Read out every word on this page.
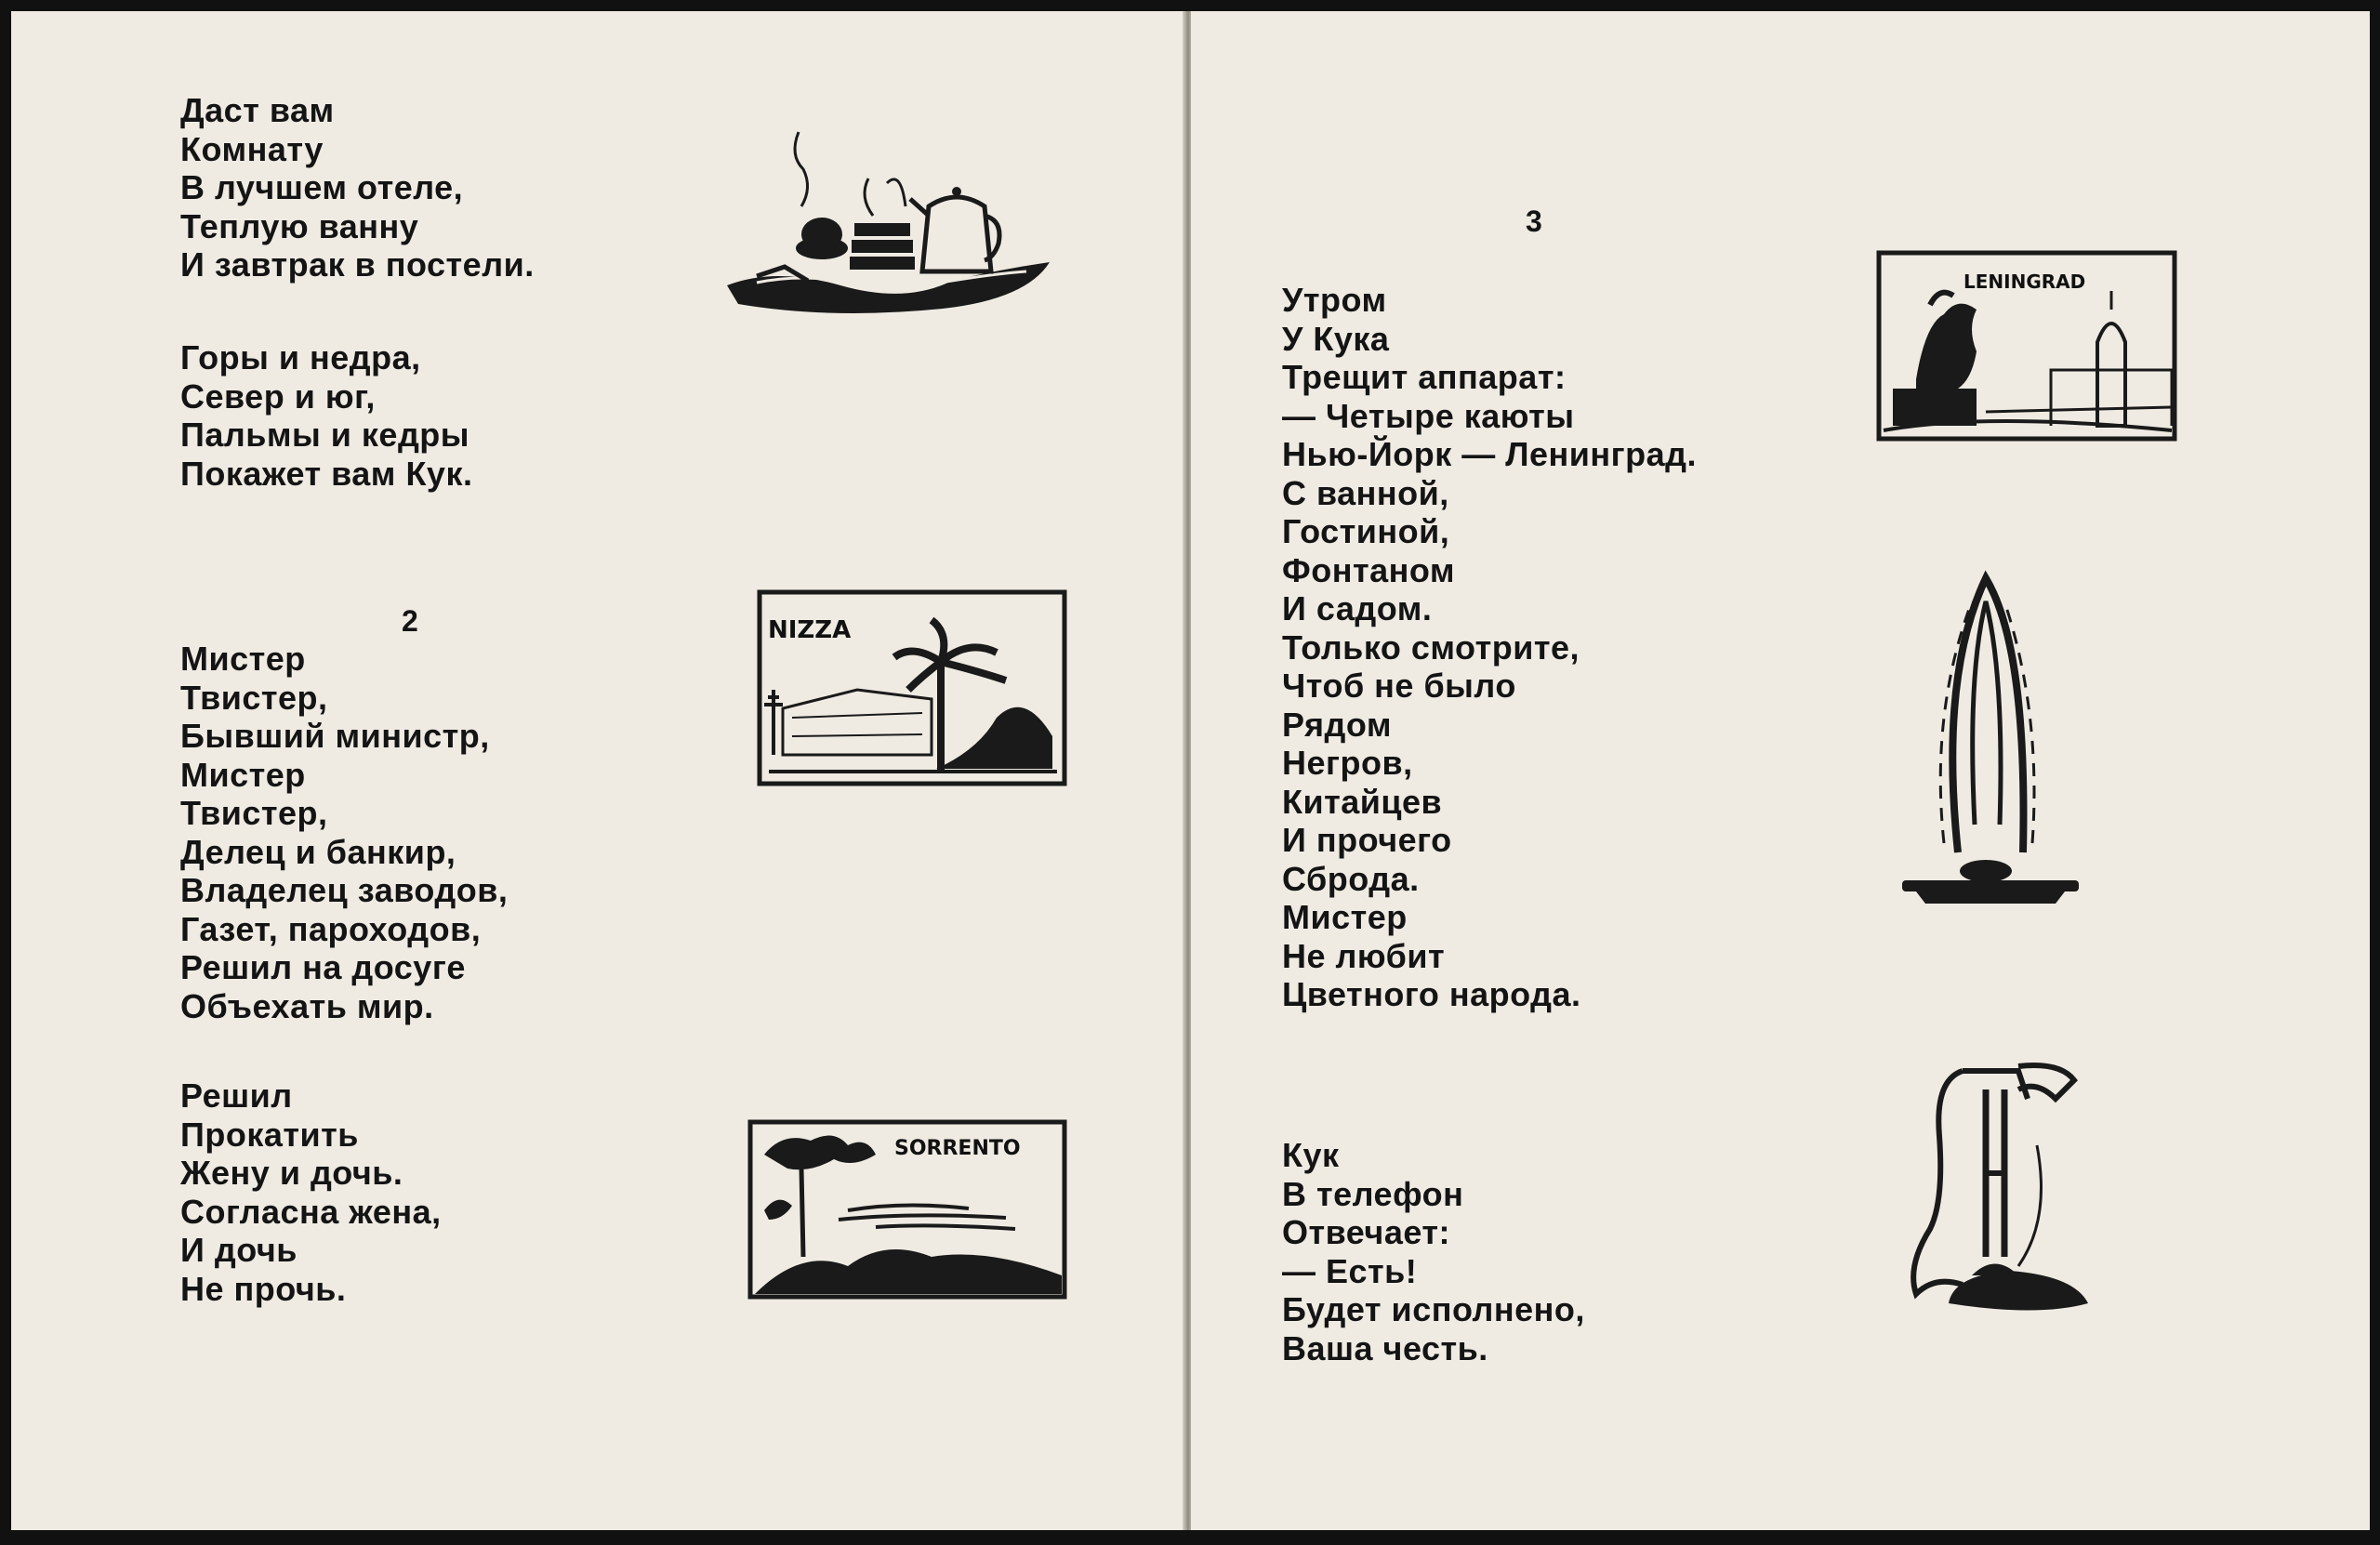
Даст вам
Комнату
В лучшем отеле,
Теплую ванну
И завтрак в постели.
Горы и недра,
Север и юг,
Пальмы и кедры
Покажет вам Кук.
2	NIZZA
Мистер
Твистер,
Бывший министр,
Мистер
Твистер,
Делец и банкир,
Владелец заводов,
Газет, пароходов,
Решил на досуге
Объехать мир.
Решил
Прокатить
Жену и дочь.
Согласна жена,
И дочь
Не прочь.
SORRENTO
3
Утром
У Кука
Трещит аппарат:
— Четыре каюты
Нью-Йорк — Ленинград.
С ванной,
Гостиной,
Фонтаном
И садом.
Только смотрите,
Чтоб не было
Рядом
Негров,
Китайцев
И прочего
Сброда.
Мистер
Не любит
Цветного народа.
LENINGRAD
Кук
В телефон
Отвечает:
— Есть!
Будет исполнено,
Ваша честь.
